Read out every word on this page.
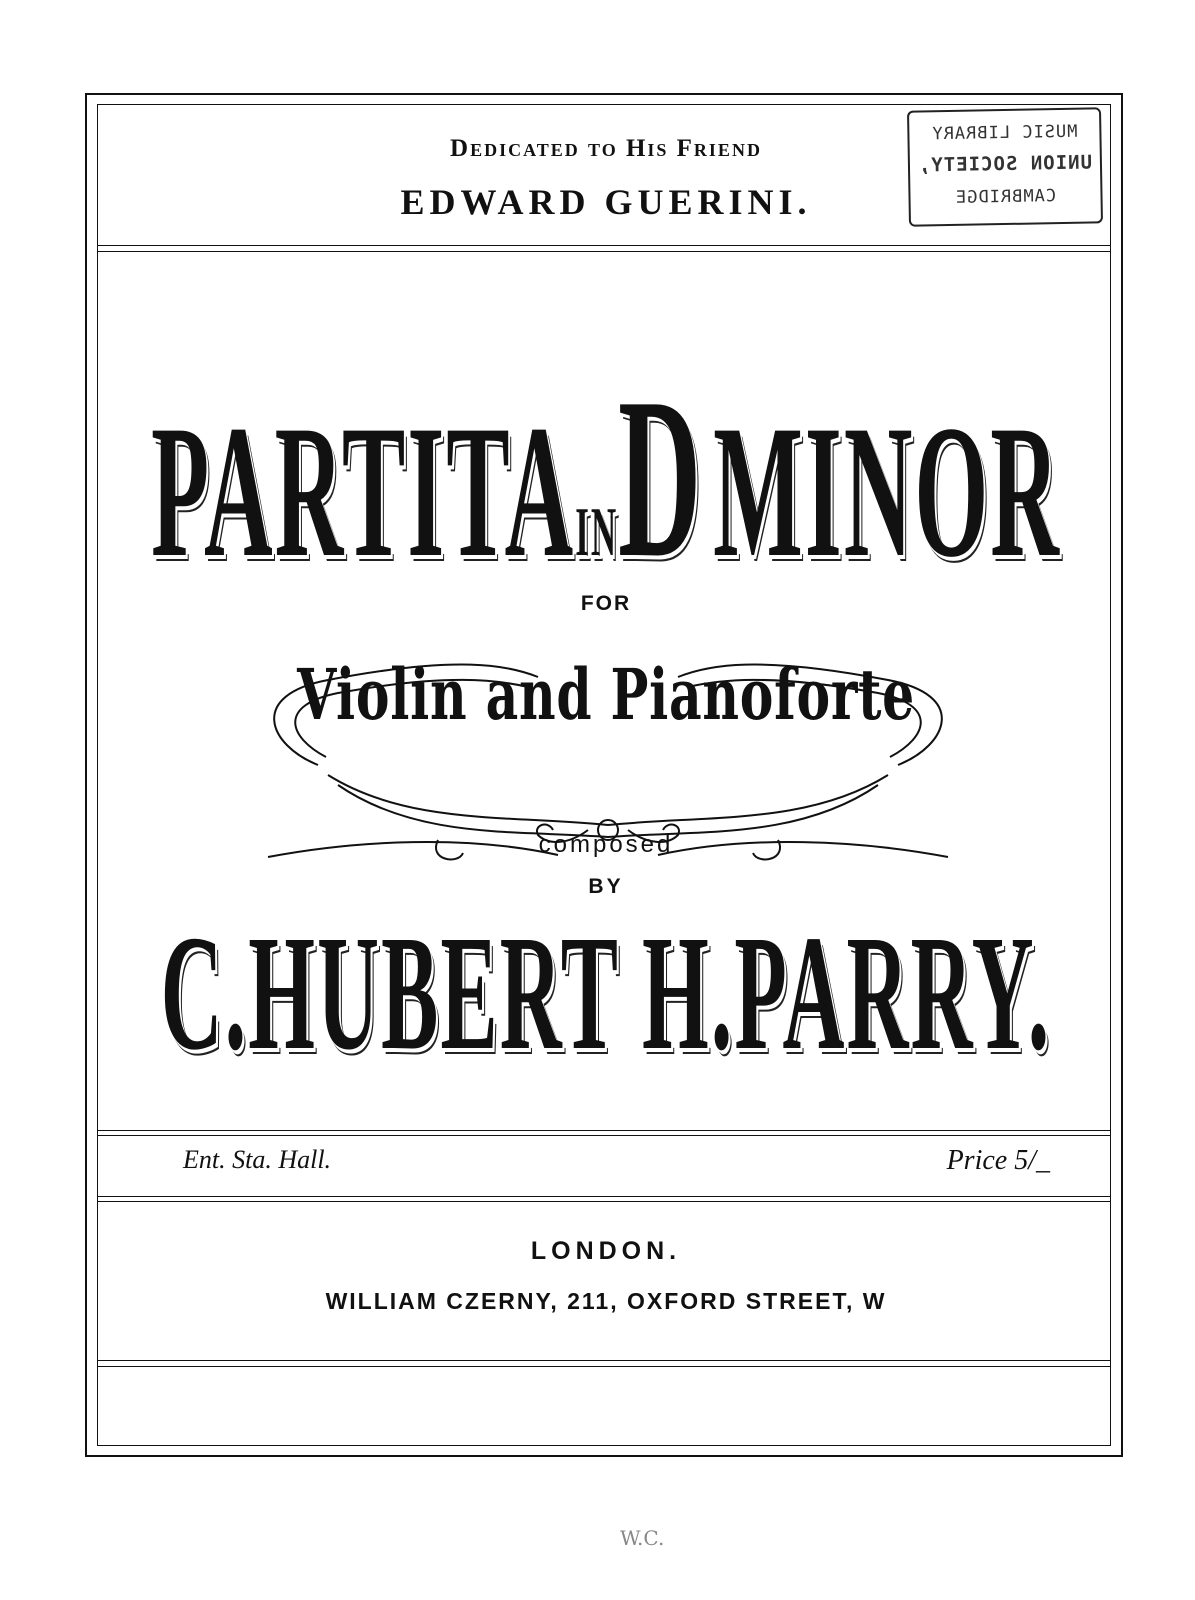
Dedicated to His Friend
EDWARD GUERINI.
MUSIC LIBRARY
UNION SOCIETY,
CAMBRIDGE
PARTITAINDMINOR
FOR
Violin and Pianoforte
composed
BY
C.HUBERT H.PARRY.
Ent. Sta. Hall.	Price 5/_
LONDON.
WILLIAM CZERNY, 211, OXFORD STREET, W
W.C.
